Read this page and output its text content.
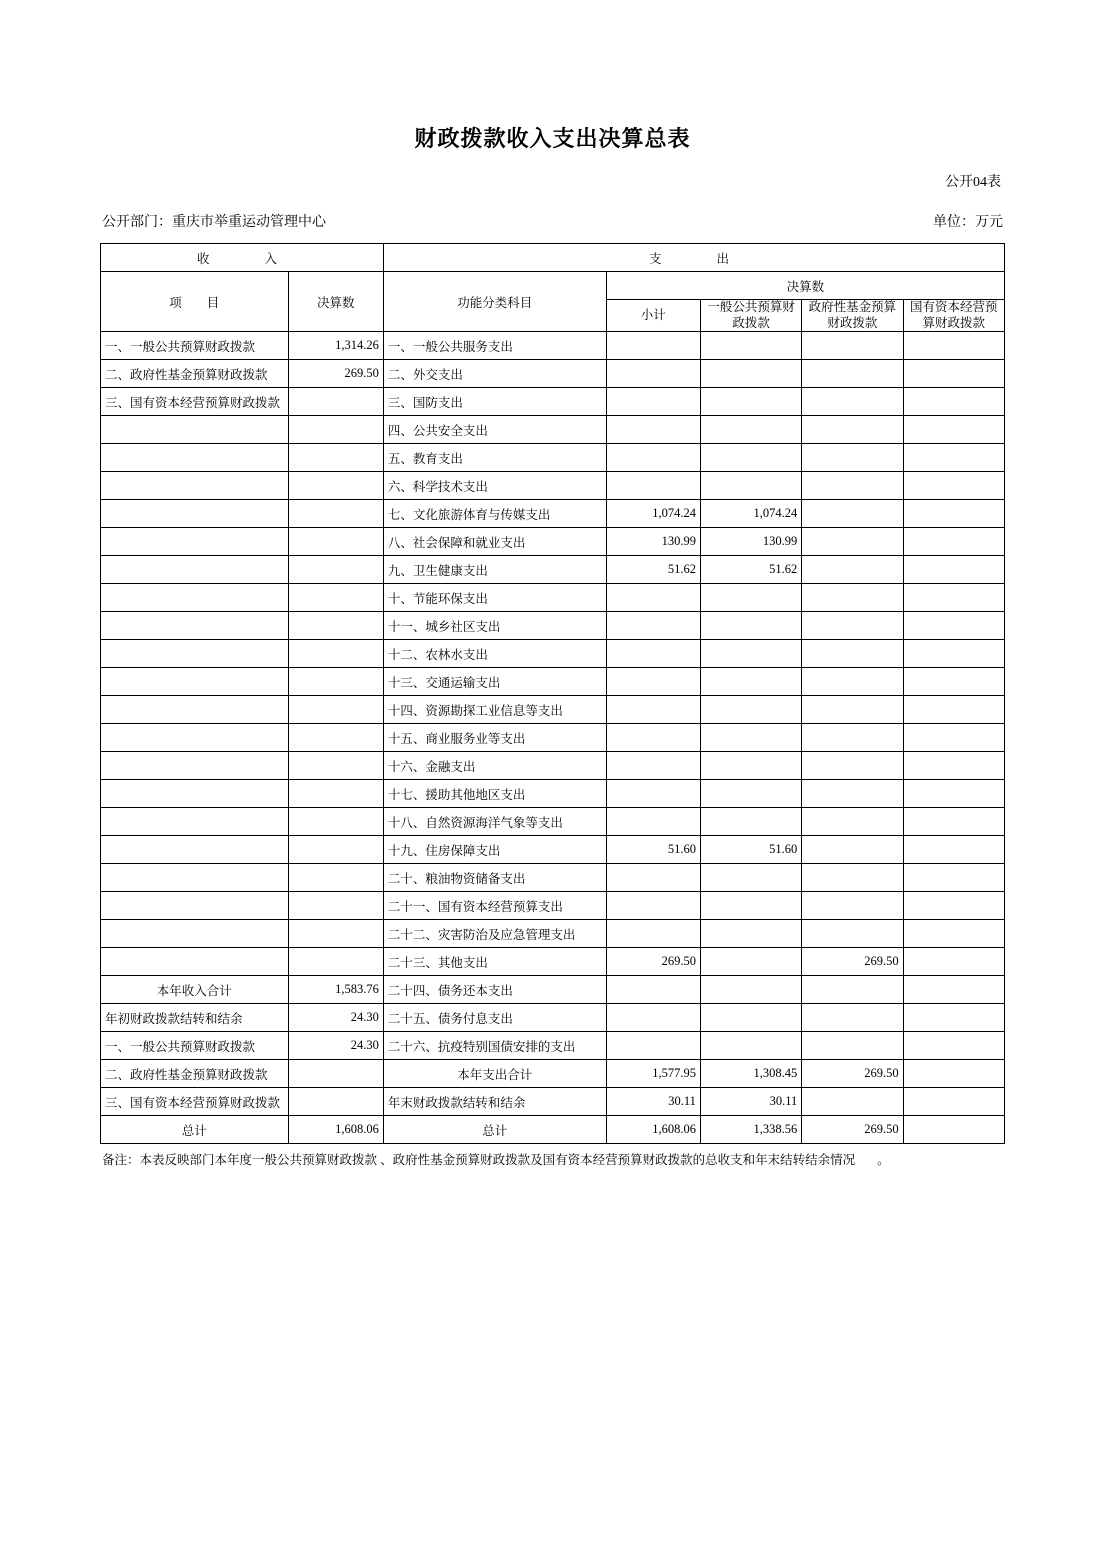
财政拨款收入支出决算总表
公开04表
公开部门：重庆市举重运动管理中心	单位：万元
收　　入		支　　出				
项　　目	决算数	功能分类科目	决算数			
			小计	一般公共预算财政拨款	政府性基金预算财政拨款	国有资本经营预算财政拨款
一、一般公共预算财政拨款	1,314.26	一、一般公共服务支出				
二、政府性基金预算财政拨款	269.50	二、外交支出				
三、国有资本经营预算财政拨款		三、国防支出				
		四、公共安全支出				
		五、教育支出				
		六、科学技术支出				
		七、文化旅游体育与传媒支出	1,074.24	1,074.24		
		八、社会保障和就业支出	130.99	130.99		
		九、卫生健康支出	51.62	51.62		
		十、节能环保支出				
		十一、城乡社区支出				
		十二、农林水支出				
		十三、交通运输支出				
		十四、资源勘探工业信息等支出				
		十五、商业服务业等支出				
		十六、金融支出				
		十七、援助其他地区支出				
		十八、自然资源海洋气象等支出				
		十九、住房保障支出	51.60	51.60		
		二十、粮油物资储备支出				
		二十一、国有资本经营预算支出				
		二十二、灾害防治及应急管理支出				
		二十三、其他支出	269.50		269.50	
本年收入合计	1,583.76	二十四、债务还本支出				
年初财政拨款结转和结余	24.30	二十五、债务付息支出				
一、一般公共预算财政拨款	24.30	二十六、抗疫特别国债安排的支出				
二、政府性基金预算财政拨款		本年支出合计	1,577.95	1,308.45	269.50	
三、国有资本经营预算财政拨款		年末财政拨款结转和结余	30.11	30.11		
总计	1,608.06	总计	1,608.06	1,338.56	269.50	
备注：本表反映部门本年度一般公共预算财政拨款 、政府性基金预算财政拨款及国有资本经营预算财政拨款的总收支和年末结转结余情况 。
